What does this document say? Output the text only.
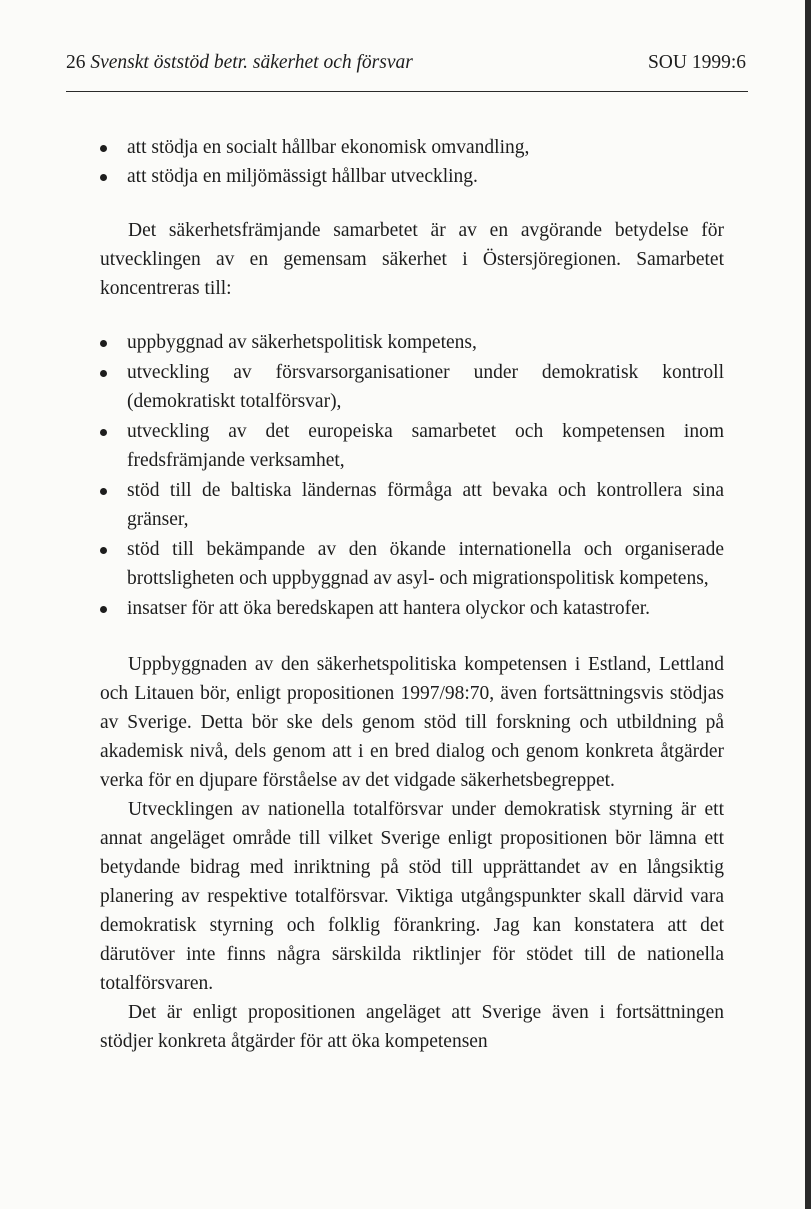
26 Svenskt öststöd betr. säkerhet och försvar	SOU 1999:6
att stödja en socialt hållbar ekonomisk omvandling,
att stödja en miljömässigt hållbar utveckling.

Det säkerhetsfrämjande samarbetet är av en avgörande betydelse för utvecklingen av en gemensam säkerhet i Östersjöregionen. Samarbetet koncentreras till:

uppbyggnad av säkerhetspolitisk kompetens,
utveckling av försvarsorganisationer under demokratisk kontroll (demokratiskt totalförsvar),
utveckling av det europeiska samarbetet och kompetensen inom fredsfrämjande verksamhet,
stöd till de baltiska ländernas förmåga att bevaka och kontrollera sina gränser,
stöd till bekämpande av den ökande internationella och organiserade brottsligheten och uppbyggnad av asyl- och migrationspolitisk kompetens,
insatser för att öka beredskapen att hantera olyckor och katastrofer.

Uppbyggnaden av den säkerhetspolitiska kompetensen i Estland, Lettland och Litauen bör, enligt propositionen 1997/98:70, även fortsättningsvis stödjas av Sverige. Detta bör ske dels genom stöd till forskning och utbildning på akademisk nivå, dels genom att i en bred dialog och genom konkreta åtgärder verka för en djupare förståelse av det vidgade säkerhetsbegreppet.

Utvecklingen av nationella totalförsvar under demokratisk styrning är ett annat angeläget område till vilket Sverige enligt propositionen bör lämna ett betydande bidrag med inriktning på stöd till upprättandet av en långsiktig planering av respektive totalförsvar. Viktiga utgångspunkter skall därvid vara demokratisk styrning och folklig förankring. Jag kan konstatera att det därutöver inte finns några särskilda riktlinjer för stödet till de nationella totalförsvaren.

Det är enligt propositionen angeläget att Sverige även i fortsättningen stödjer konkreta åtgärder för att öka kompetensen
